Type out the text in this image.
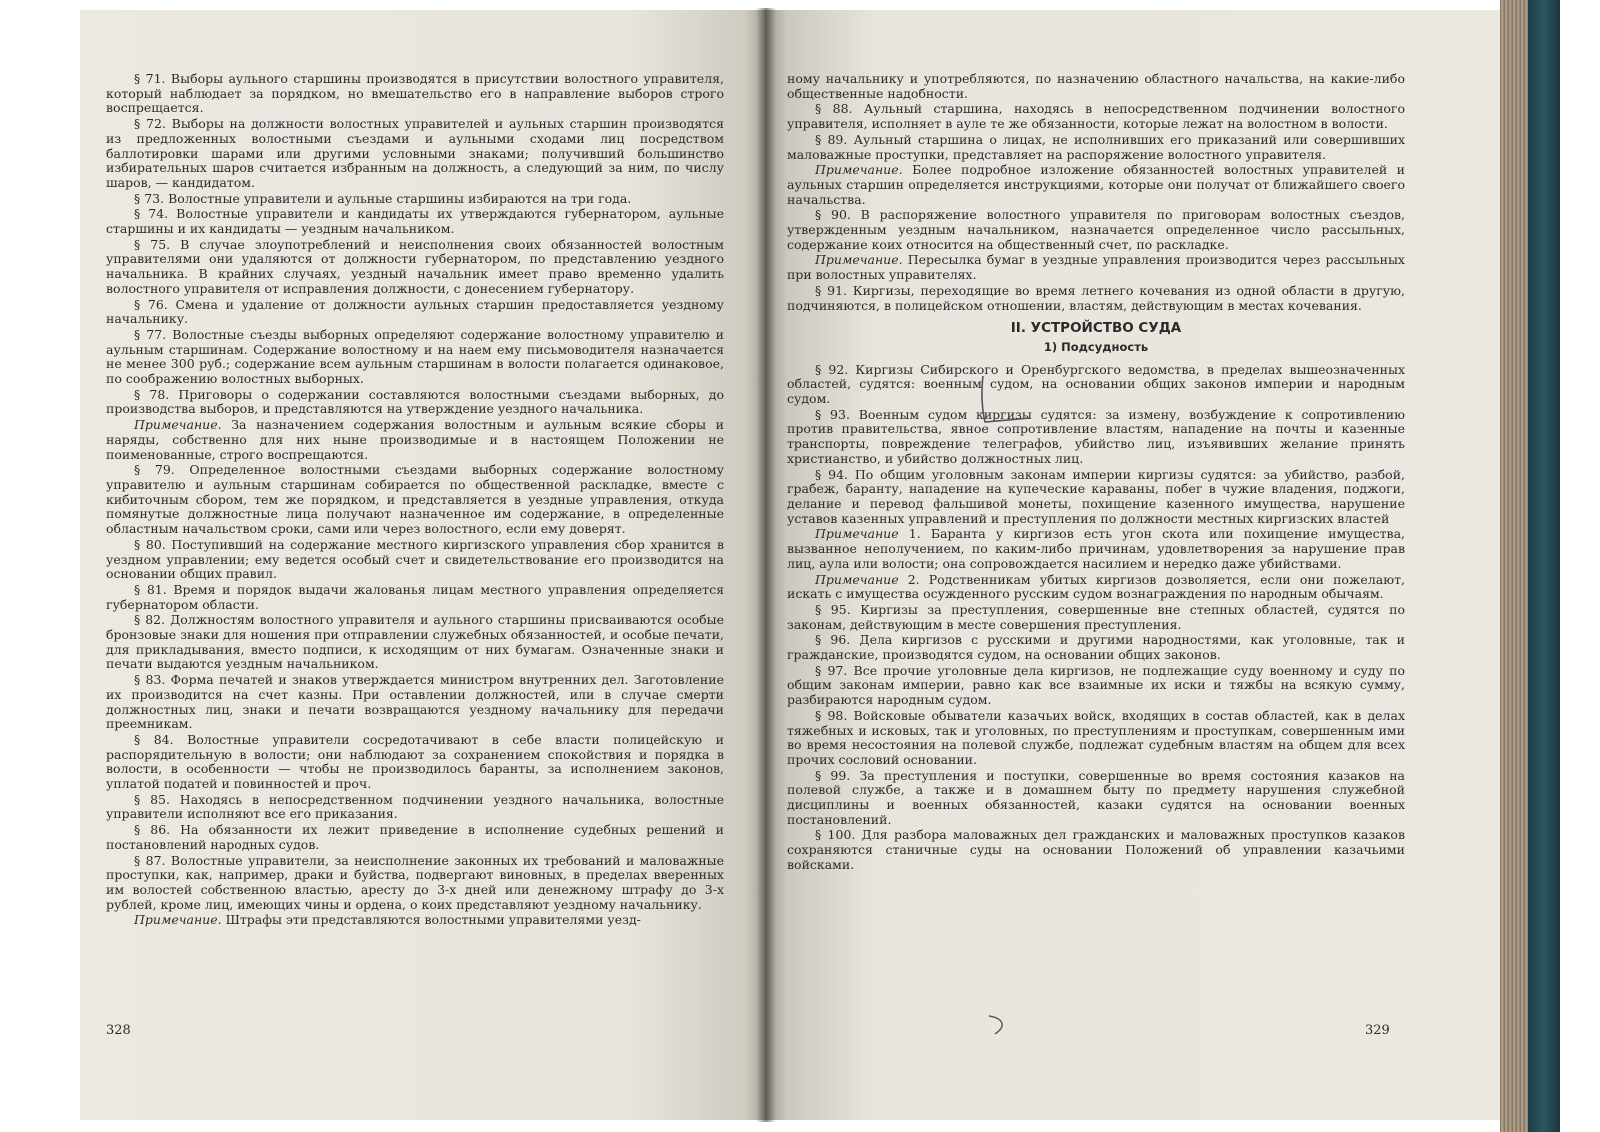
§ 71. Выборы аульного старшины производятся в присутствии волостного управителя, который наблюдает за порядком, но вмешательство его в направление выборов строго воспрещается.

§ 72. Выборы на должности волостных управителей и аульных старшин производятся из предложенных волостными съездами и аульными сходами лиц посредством баллотировки шарами или другими условными знаками; получивший большинство избирательных шаров считается избранным на должность, а следующий за ним, по числу шаров, — кандидатом.

§ 73. Волостные управители и аульные старшины избираются на три года.

§ 74. Волостные управители и кандидаты их утверждаются губернатором, аульные старшины и их кандидаты — уездным начальником.

§ 75. В случае злоупотреблений и неисполнения своих обязанностей волостным управителями они удаляются от должности губернатором, по представлению уездного начальника. В крайних случаях, уездный начальник имеет право временно удалить волостного управителя от исправления должности, с донесением губернатору.

§ 76. Смена и удаление от должности аульных старшин предоставляется уездному начальнику.

§ 77. Волостные съезды выборных определяют содержание волостному управителю и аульным старшинам. Содержание волостному и на наем ему письмоводителя назначается не менее 300 руб.; содержание всем аульным старшинам в волости полагается одинаковое, по соображению волостных выборных.

§ 78. Приговоры о содержании составляются волостными съездами выборных, до производства выборов, и представляются на утверждение уездного начальника.

Примечание. За назначением содержания волостным и аульным всякие сборы и наряды, собственно для них ныне производимые и в настоящем Положении не поименованные, строго воспрещаются.

§ 79. Определенное волостными съездами выборных содержание волостному управителю и аульным старшинам собирается по общественной раскладке, вместе с кибиточным сбором, тем же порядком, и представляется в уездные управления, откуда помянутые должностные лица получают назначенное им содержание, в определенные областным начальством сроки, сами или через волостного, если ему доверят.

§ 80. Поступивший на содержание местного киргизского управления сбор хранится в уездном управлении; ему ведется особый счет и свидетельствование его производится на основании общих правил.

§ 81. Время и порядок выдачи жалованья лицам местного управления определяется губернатором области.

§ 82. Должностям волостного управителя и аульного старшины присваиваются особые бронзовые знаки для ношения при отправлении служебных обязанностей, и особые печати, для прикладывания, вместо подписи, к исходящим от них бумагам. Означенные знаки и печати выдаются уездным начальником.

§ 83. Форма печатей и знаков утверждается министром внутренних дел. Заготовление их производится на счет казны. При оставлении должностей, или в случае смерти должностных лиц, знаки и печати возвращаются уездному начальнику для передачи преемникам.

§ 84. Волостные управители сосредотачивают в себе власти полицейскую и распорядительную в волости; они наблюдают за сохранением спокойствия и порядка в волости, в особенности — чтобы не производилось баранты, за исполнением законов, уплатой податей и повинностей и проч.

§ 85. Находясь в непосредственном подчинении уездного начальника, волостные управители исполняют все его приказания.

§ 86. На обязанности их лежит приведение в исполнение судебных решений и постановлений народных судов.

§ 87. Волостные управители, за неисполнение законных их требований и маловажные проступки, как, например, драки и буйства, подвергают виновных, в пределах вверенных им волостей собственною властью, аресту до 3-х дней или денежному штрафу до 3-х рублей, кроме лиц, имеющих чины и ордена, о коих представляют уездному начальнику.

Примечание. Штрафы эти представляются волостными управителями уезд-

328

ному начальнику и употребляются, по назначению областного начальства, на какие-либо общественные надобности.

§ 88. Аульный старшина, находясь в непосредственном подчинении волостного управителя, исполняет в ауле те же обязанности, которые лежат на волостном в волости.

§ 89. Аульный старшина о лицах, не исполнивших его приказаний или совершивших маловажные проступки, представляет на распоряжение волостного управителя.

Примечание. Более подробное изложение обязанностей волостных управителей и аульных старшин определяется инструкциями, которые они получат от ближайшего своего начальства.

§ 90. В распоряжение волостного управителя по приговорам волостных съездов, утвержденным уездным начальником, назначается определенное число рассыльных, содержание коих относится на общественный счет, по раскладке.

Примечание. Пересылка бумаг в уездные управления производится через рассыльных при волостных управителях.

§ 91. Киргизы, переходящие во время летнего кочевания из одной области в другую, подчиняются, в полицейском отношении, властям, действующим в местах кочевания.

II. УСТРОЙСТВО СУДА
1) Подсудность

§ 92. Киргизы Сибирского и Оренбургского ведомства, в пределах вышеозначенных областей, судятся: военным судом, на основании общих законов империи и народным судом.

§ 93. Военным судом киргизы судятся: за измену, возбуждение к сопротивлению против правительства, явное сопротивление властям, нападение на почты и казенные транспорты, повреждение телеграфов, убийство лиц, изъявивших желание принять христианство, и убийство должностных лиц.

§ 94. По общим уголовным законам империи киргизы судятся: за убийство, разбой, грабеж, баранту, нападение на купеческие караваны, побег в чужие владения, поджоги, делание и перевод фальшивой монеты, похищение казенного имущества, нарушение уставов казенных управлений и преступления по должности местных киргизских властей

Примечание 1. Баранта у киргизов есть угон скота или похищение имущества, вызванное неполучением, по каким-либо причинам, удовлетворения за нарушение прав лиц, аула или волости; она сопровождается насилием и нередко даже убийствами.

Примечание 2. Родственникам убитых киргизов дозволяется, если они пожелают, искать с имущества осужденного русским судом вознаграждения по народным обычаям.

§ 95. Киргизы за преступления, совершенные вне степных областей, судятся по законам, действующим в месте совершения преступления.

§ 96. Дела киргизов с русскими и другими народностями, как уголовные, так и гражданские, производятся судом, на основании общих законов.

§ 97. Все прочие уголовные дела киргизов, не подлежащие суду военному и суду по общим законам империи, равно как все взаимные их иски и тяжбы на всякую сумму, разбираются народным судом.

§ 98. Войсковые обыватели казачьих войск, входящих в состав областей, как в делах тяжебных и исковых, так и уголовных, по преступлениям и проступкам, совершенным ими во время несостояния на полевой службе, подлежат судебным властям на общем для всех прочих сословий основании.

§ 99. За преступления и поступки, совершенные во время состояния казаков на полевой службе, а также и в домашнем быту по предмету нарушения служебной дисциплины и военных обязанностей, казаки судятся на основании военных постановлений.

§ 100. Для разбора маловажных дел гражданских и маловажных проступков казаков сохраняются станичные суды на основании Положений об управлении казачьими войсками.

329
